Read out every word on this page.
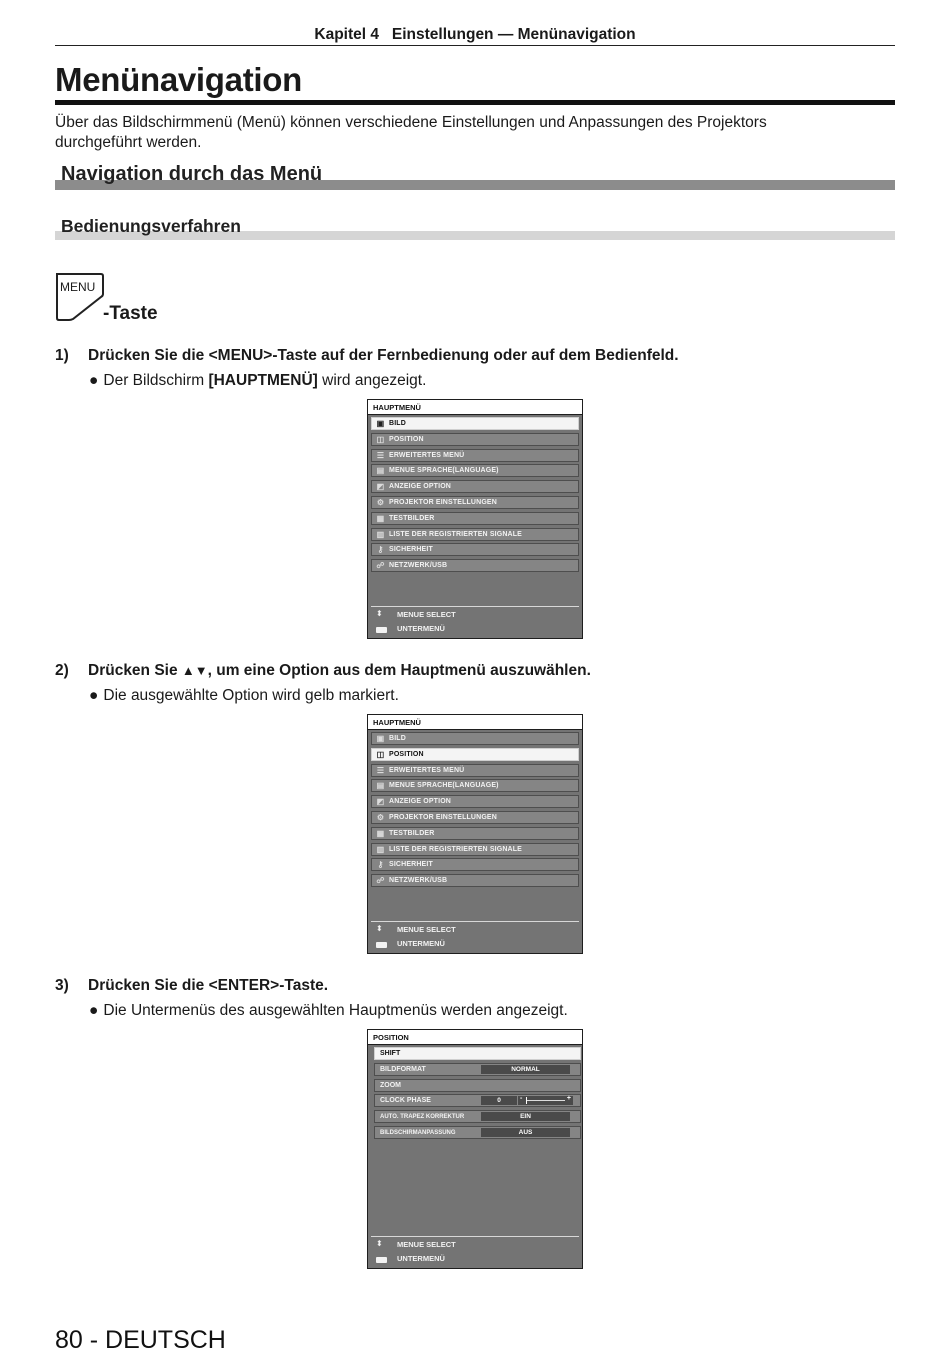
Kapitel 4 Einstellungen — Menünavigation
Menünavigation
Über das Bildschirmmenü (Menü) können verschiedene Einstellungen und Anpassungen des Projektors durchgeführt werden.
Navigation durch das Menü
Bedienungsverfahren
MENU
-Taste
1) Drücken Sie die <MENU>-Taste auf der Fernbedienung oder auf dem Bedienfeld.
● Der Bildschirm [HAUPTMENÜ] wird angezeigt.
2) Drücken Sie ▲▼, um eine Option aus dem Hauptmenü auszuwählen.
● Die ausgewählte Option wird gelb markiert.
3) Drücken Sie die <ENTER>-Taste.
● Die Untermenüs des ausgewählten Hauptmenüs werden angezeigt.
HAUPTMENÜ
▣ BILD
◫ POSITION
☰ ERWEITERTES MENÜ
▤ MENUE SPRACHE(LANGUAGE)
◩ ANZEIGE OPTION
⚙ PROJEKTOR EINSTELLUNGEN
▦ TESTBILDER
▥ LISTE DER REGISTRIERTEN SIGNALE
⚷ SICHERHEIT
☍ NETZWERK/USB
⬍ MENUE SELECT
UNTERMENÜ
HAUPTMENÜ
▣ BILD
◫ POSITION
☰ ERWEITERTES MENÜ
▤ MENUE SPRACHE(LANGUAGE)
◩ ANZEIGE OPTION
⚙ PROJEKTOR EINSTELLUNGEN
▦ TESTBILDER
▥ LISTE DER REGISTRIERTEN SIGNALE
⚷ SICHERHEIT
☍ NETZWERK/USB
⬍ MENUE SELECT
UNTERMENÜ
POSITION
SHIFT
BILDFORMAT	NORMAL
ZOOM
CLOCK PHASE	0	-	+
AUTO. TRAPEZ KORREKTUR	EIN
BILDSCHIRMANPASSUNG	AUS
⬍ MENUE SELECT
UNTERMENÜ
80 - DEUTSCH
